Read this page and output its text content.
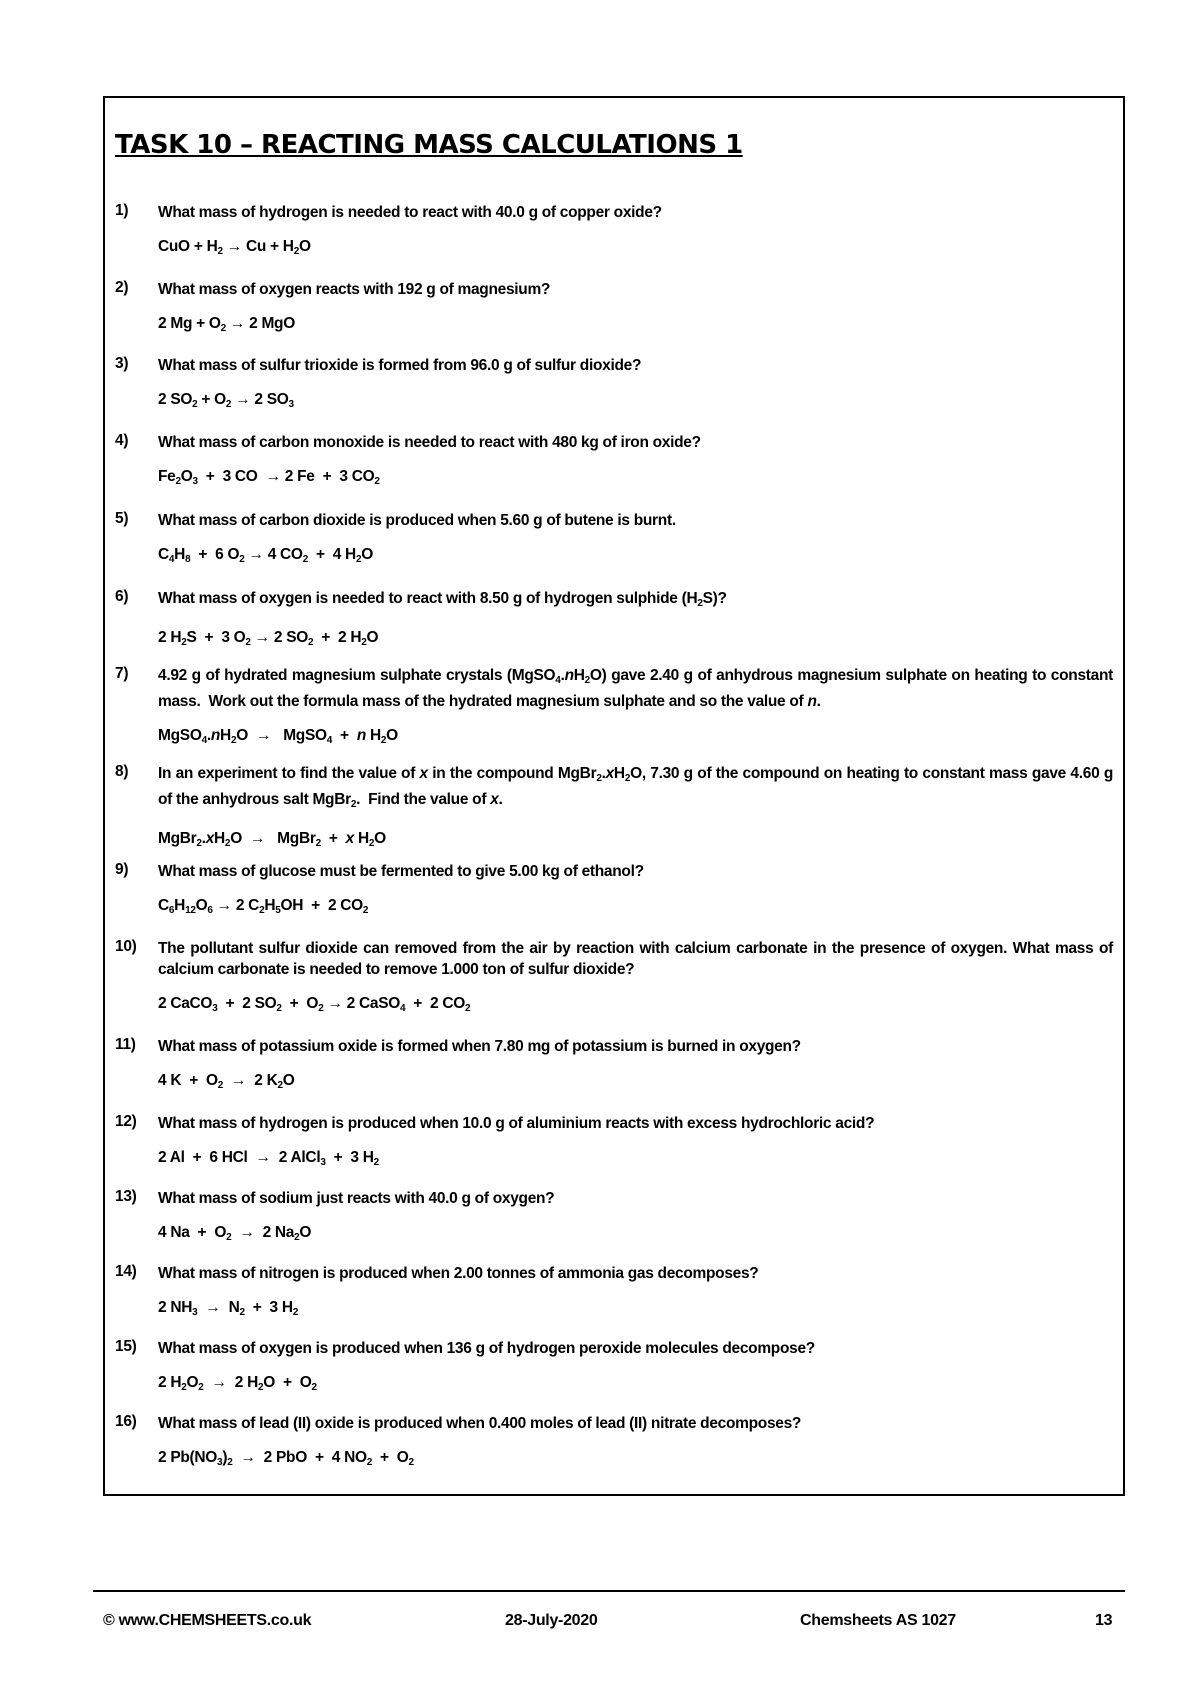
TASK 10 – REACTING MASS CALCULATIONS 1
1) What mass of hydrogen is needed to react with 40.0 g of copper oxide?
CuO + $H_2 \to Cu + H_2O$
2) What mass of oxygen reacts with 192 g of magnesium?
2 $Mg + O_2 \to 2$ MgO
3) What mass of sulfur trioxide is formed from 96.0 g of sulfur dioxide?
2 $SO_2 + O_2 \to 2$ $SO_3$
4) What mass of carbon monoxide is needed to react with 480 kg of iron oxide?
$Fe_2O_3 + 3$ CO  → 2 Fe  +  3 $CO_2$
5) What mass of carbon dioxide is produced when 5.60 g of butene is burnt.
$C_4H_8 + 6$ $O_2 \to 4$ $CO_2 + 4$ $H_2O$
6) What mass of oxygen is needed to react with 8.50 g of hydrogen sulphide $(H_2S)$?
2 $H_2S + 3$ $O_2 \to 2$ $SO_2 + 2$ $H_2O$
7) 4.92 g of hydrated magnesium sulphate crystals $(MgSO_4.nH_2O)$ gave 2.40 g of anhydrous magnesium sulphate on heating to constant mass.  Work out the formula mass of the hydrated magnesium sulphate and so the value of n.
$MgSO_4.nH_2O$  →   MgSO$_4$  +  n $H_2O$
8) In an experiment to find the value of x in the compound $MgBr_2.xH_2O$, 7.30 g of the compound on heating to constant mass gave 4.60 g of the anhydrous salt MgBr$_2$.  Find the value of x.
$MgBr_2.xH_2O$  →   MgBr$_2$  +  x $H_2O$
9) What mass of glucose must be fermented to give 5.00 kg of ethanol?
$C_6H_{12}O_6 \to 2$ $C_2H_5OH + 2$ $CO_2$
10) The pollutant sulfur dioxide can removed from the air by reaction with calcium carbonate in the presence of oxygen. What mass of calcium carbonate is needed to remove 1.000 ton of sulfur dioxide?
2 CaCO$_3$  +  2 $SO_2 + O_2 \to 2$ CaSO$_4$  +  2 $CO_2$
11) What mass of potassium oxide is formed when 7.80 mg of potassium is burned in oxygen?
4 $K + O_2 \to 2$ $K_2O$
12) What mass of hydrogen is produced when 10.0 g of aluminium reacts with excess hydrochloric acid?
2 Al  +  6 HCl  →  2 AlCl$_3$  +  3 $H_2$
13) What mass of sodium just reacts with 40.0 g of oxygen?
4 $Na + O_2 \to 2$ $Na_2O$
14) What mass of nitrogen is produced when 2.00 tonnes of ammonia gas decomposes?
2 $NH_3 \to N_2 + 3$ $H_2$
15) What mass of oxygen is produced when 136 g of hydrogen peroxide molecules decompose?
2 $H_2O_2 \to 2$ $H_2O + O_2$
16) What mass of lead (II) oxide is produced when 0.400 moles of lead (II) nitrate decomposes?
2 $Pb(NO_3)_2 \to 2$ PbO  +  4 $NO_2 + O_2$
© www.CHEMSHEETS.co.uk	28-July-2020	Chemsheets AS 1027	13
